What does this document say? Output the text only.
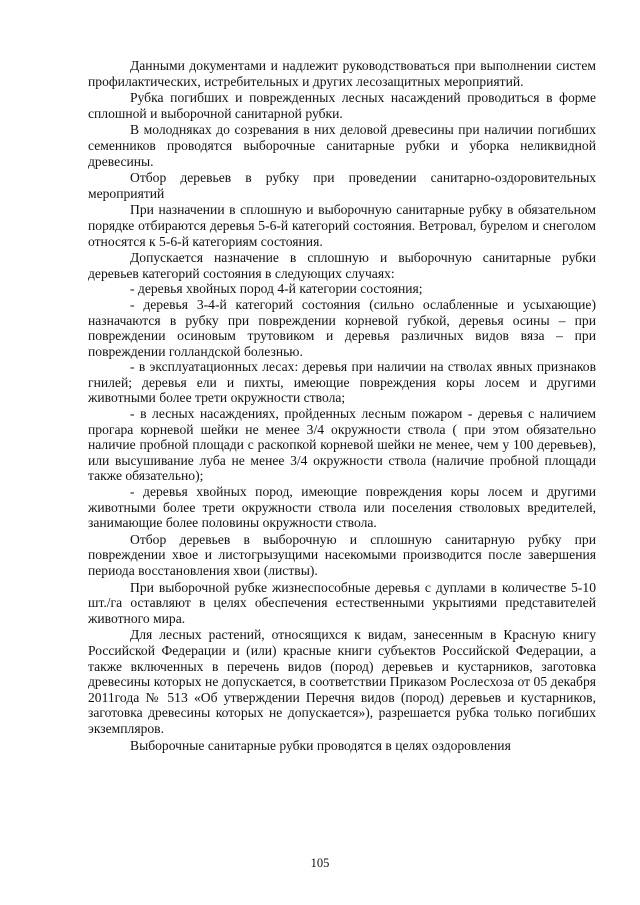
Данными документами и надлежит руководствоваться при выполнении систем профилактических, истребительных и других лесозащитных мероприятий.

Рубка погибших и поврежденных лесных насаждений проводиться в форме сплошной и выборочной санитарной рубки.

В молодняках до созревания в них деловой древесины при наличии погибших семенников проводятся выборочные санитарные рубки и уборка неликвидной древесины.

Отбор деревьев в рубку при проведении санитарно-оздоровительных мероприятий

При назначении в сплошную и выборочную санитарные рубку в обязательном порядке отбираются деревья 5-6-й категорий состояния. Ветровал, бурелом и снеголом относятся к 5-6-й категориям состояния.

Допускается назначение в сплошную и выборочную санитарные рубки деревьев категорий состояния в следующих случаях:

- деревья хвойных пород 4-й категории состояния;

- деревья 3-4-й категорий состояния (сильно ослабленные и усыхающие) назначаются в рубку при повреждении корневой губкой, деревья осины – при повреждении осиновым трутовиком и деревья различных видов вяза – при повреждении голландской болезнью.

- в эксплуатационных лесах: деревья при наличии на стволах явных признаков гнилей; деревья ели и пихты, имеющие повреждения коры лосем и другими животными более трети окружности ствола;

- в лесных насаждениях, пройденных лесным пожаром - деревья с наличием прогара корневой шейки не менее 3/4 окружности ствола ( при этом обязательно наличие пробной площади с раскопкой корневой шейки не менее, чем у 100 деревьев), или высушивание луба не менее 3/4 окружности ствола (наличие пробной площади также обязательно);

- деревья хвойных пород, имеющие повреждения коры лосем и другими животными более трети окружности ствола или поселения стволовых вредителей, занимающие более половины окружности ствола.

Отбор деревьев в выборочную и сплошную санитарную рубку при повреждении хвое и листогрызущими насекомыми производится после завершения периода восстановления хвои (листвы).

При выборочной рубке жизнеспособные деревья с дуплами в количестве 5-10 шт./га оставляют в целях обеспечения естественными укрытиями представителей животного мира.

Для лесных растений, относящихся к видам, занесенным в Красную книгу Российской Федерации и (или) красные книги субъектов Российской Федерации, а также включенных в перечень видов (пород) деревьев и кустарников, заготовка древесины которых не допускается, в соответствии Приказом Рослесхоза от 05 декабря 2011года № 513 «Об утверждении Перечня видов (пород) деревьев и кустарников, заготовка древесины которых не допускается»), разрешается рубка только погибших экземпляров.

Выборочные санитарные рубки проводятся в целях оздоровления

105
